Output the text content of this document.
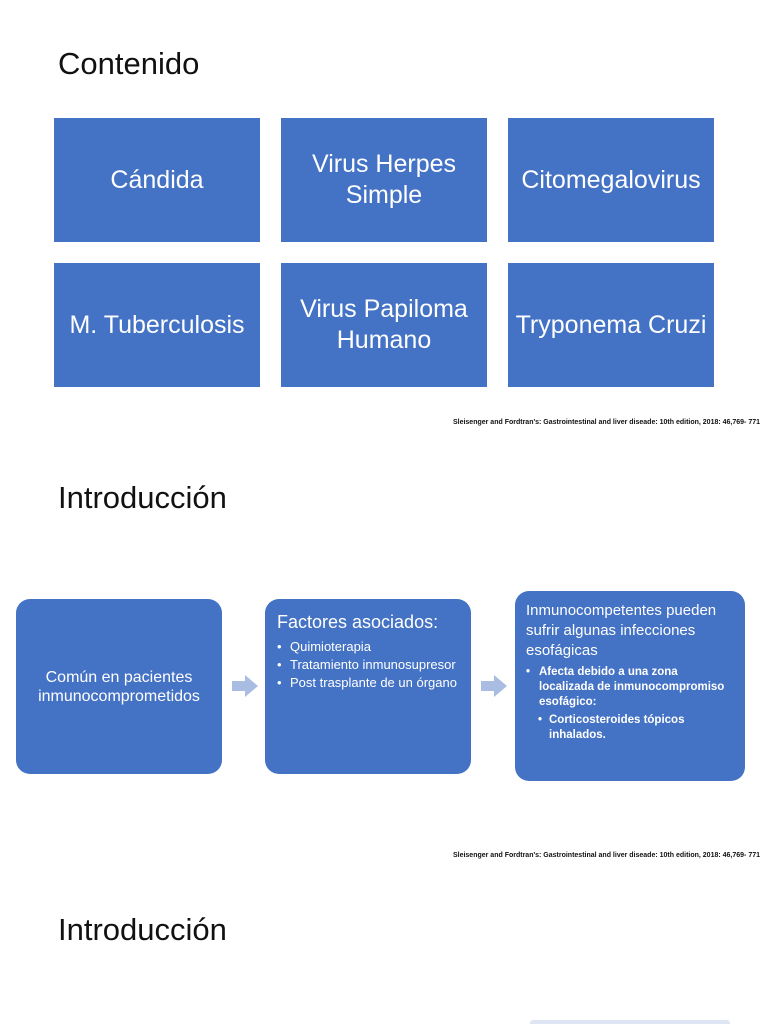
Contenido
Cándida
Virus Herpes Simple
Citomegalovirus
M. Tuberculosis
Virus Papiloma Humano
Tryponema Cruzi
Sleisenger and Fordtran's: Gastrointestinal and liver diseade: 10th edition, 2018: 46,769- 771
Introducción
Común en pacientes inmunocomprometidos
Factores asociados:
• Quimioterapia
• Tratamiento inmunosupresor
• Post trasplante de un órgano
Inmunocompetentes pueden sufrir algunas infecciones esofágicas
• Afecta debido a una zona localizada de inmunocompromiso esofágico:
• Corticosteroides tópicos inhalados.
Sleisenger and Fordtran's: Gastrointestinal and liver diseade: 10th edition, 2018: 46,769- 771
Introducción
